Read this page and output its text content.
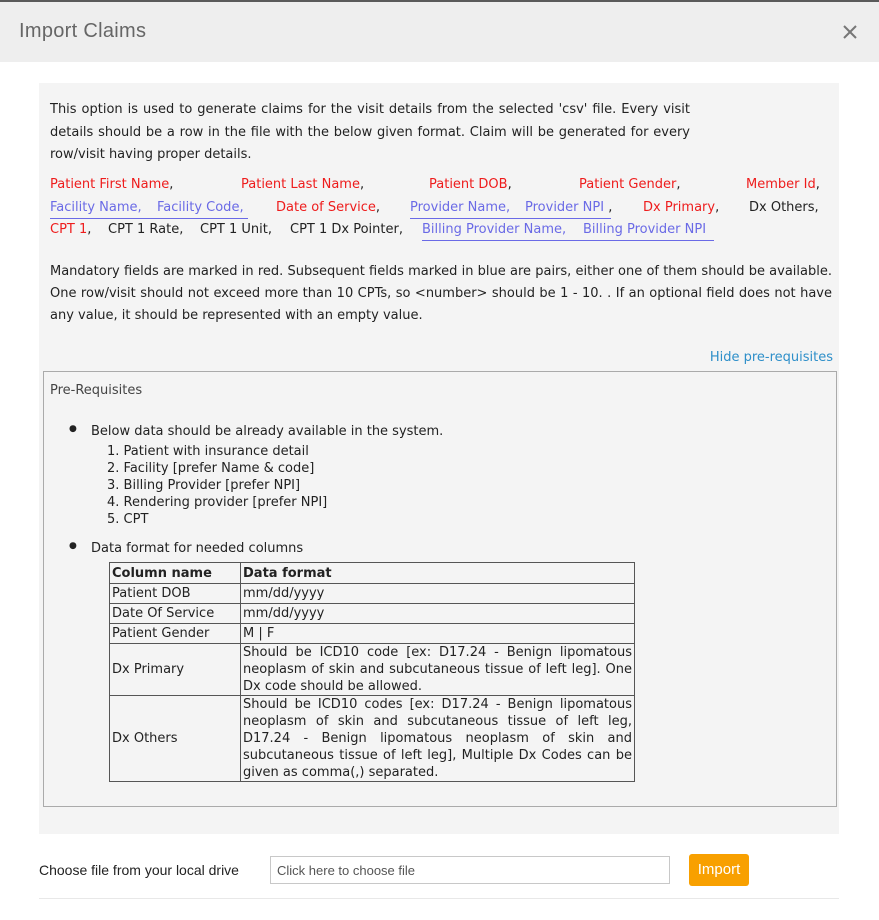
Import Claims

This option is used to generate claims for the visit details from the selected 'csv' file. Every visit details should be a row in the file with the below given format. Claim will be generated for every row/visit having proper details.

Patient First Name,	Patient Last Name,	Patient DOB,	Patient Gender,	Member Id,
Facility Name, Facility Code, Date of Service, Provider Name, Provider NPI , Dx Primary, Dx Others,
CPT 1, CPT 1 Rate, CPT 1 Unit, CPT 1 Dx Pointer, Billing Provider Name, Billing Provider NPI

Mandatory fields are marked in red. Subsequent fields marked in blue are pairs, either one of them should be available. One row/visit should not exceed more than 10 CPTs, so <number> should be 1 - 10. . If an optional field does not have any value, it should be represented with an empty value.

Hide pre-requisites
Pre-Requisites
● Below data should be already available in the system.
1. Patient with insurance detail
2. Facility [prefer Name & code]
3. Billing Provider [prefer NPI]
4. Rendering provider [prefer NPI]
5. CPT
● Data format for needed columns
Column name	Data format
Patient DOB	mm/dd/yyyy
Date Of Service	mm/dd/yyyy
Patient Gender	M | F
Dx Primary	Should be ICD10 code [ex: D17.24 - Benign lipomatous neoplasm of skin and subcutaneous tissue of left leg]. One Dx code should be allowed.
Dx Others	Should be ICD10 codes [ex: D17.24 - Benign lipomatous neoplasm of skin and subcutaneous tissue of left leg, D17.24 - Benign lipomatous neoplasm of skin and subcutaneous tissue of left leg], Multiple Dx Codes can be given as comma(,) separated.
Choose file from your local drive	Click here to choose file	Import
